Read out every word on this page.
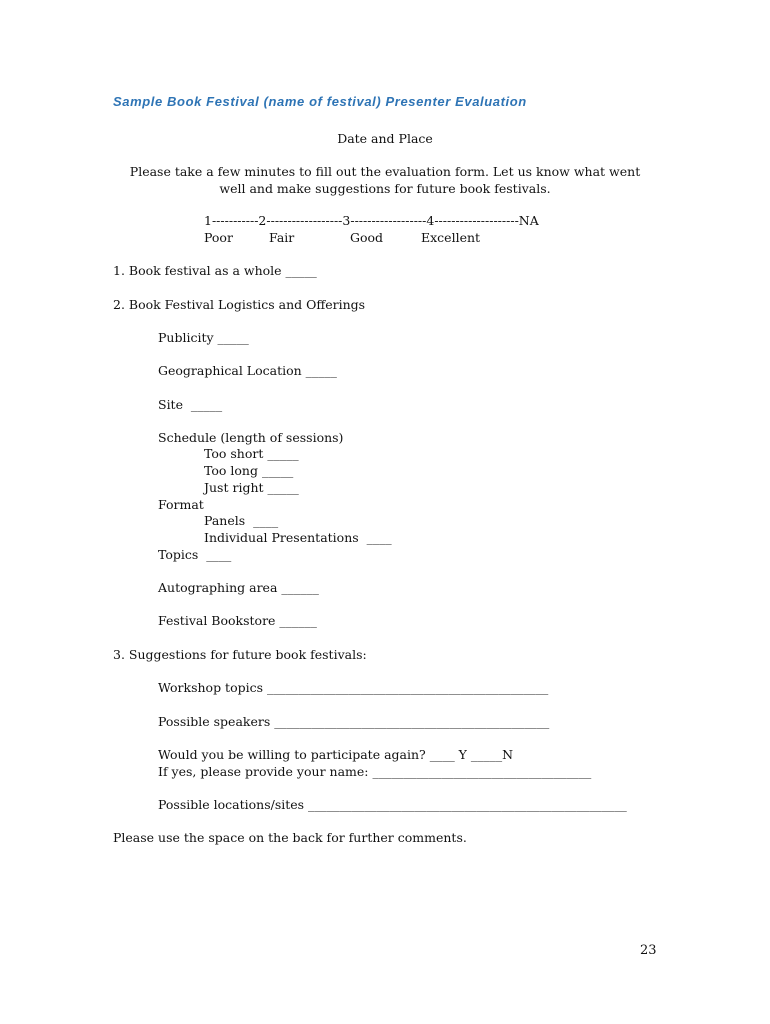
Sample Book Festival (name of festival) Presenter Evaluation
Date and Place
Please take a few minutes to fill out the evaluation form. Let us know what went well and make suggestions for future book festivals.
1-----------2------------------3------------------4--------------------NA
Poor	Fair	Good	Excellent
1. Book festival as a whole _____
2. Book Festival Logistics and Offerings
Publicity _____
Geographical Location _____
Site  _____
Schedule (length of sessions)
Too short _____
Too long _____
Just right _____
Format
Panels  ____
Individual Presentations  ____
Topics  ____
Autographing area ______
Festival Bookstore ______
3. Suggestions for future book festivals:
Workshop topics _____________________________________________
Possible speakers ____________________________________________
Would you be willing to participate again? ____ Y _____N
If yes, please provide your name: ___________________________________
Possible locations/sites ___________________________________________________
Please use the space on the back for further comments.
23
